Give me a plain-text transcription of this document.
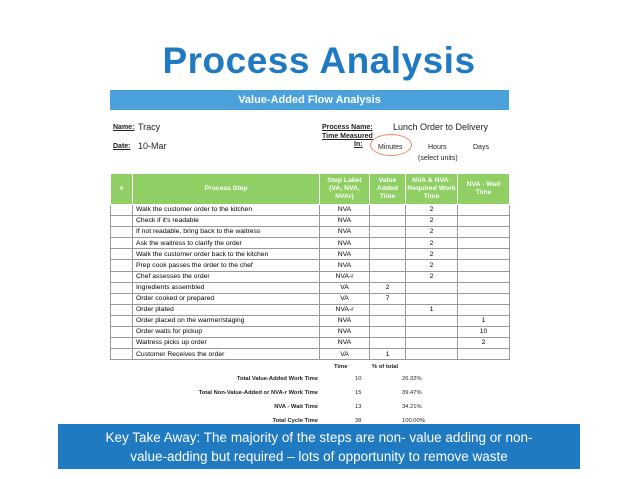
Process Analysis
Value-Added Flow Analysis
Name: Tracy
Date: 10-Mar
Process Name: Lunch Order to Delivery
Time Measured
In: Minutes	Hours	Days
(select units)
#	Process Step	Step Label (VA, NVA, NVAr)	Value Added Time	NVA & NVA-Required Work Time	NVA - Wait Time
	Walk the customer order to the kitchen	NVA		2	
	Check if it's readable	NVA		2	
	If not readable, bring back to the waitress	NVA		2	
	Ask the waitress to clarify the order	NVA		2	
	Walk the customer order back to the kitchen	NVA		2	
	Prep cook passes the order to the chef	NVA		2	
	Chef assesses the order	NVA-r		2	
	Ingredients assembled	VA	2		
	Order cooked or prepared	VA	7		
	Order plated	NVA-r		1	
	Order placed on the warmer/staging	NVA			1
	Order waits for pickup	NVA			10
	Waitress picks up order	NVA			2
	Customer Receives the order	VA	1		
Time	% of total
Total Value-Added Work Time	10	26.32%
Total Non-Value-Added or NVA-r Work Time	15	39.47%
NVA - Wait Time	13	34.21%
Total Cycle Time	38	100.00%
Key Take Away: The majority of the steps are non- value adding or non-
value-adding but required – lots of opportunity to remove waste
